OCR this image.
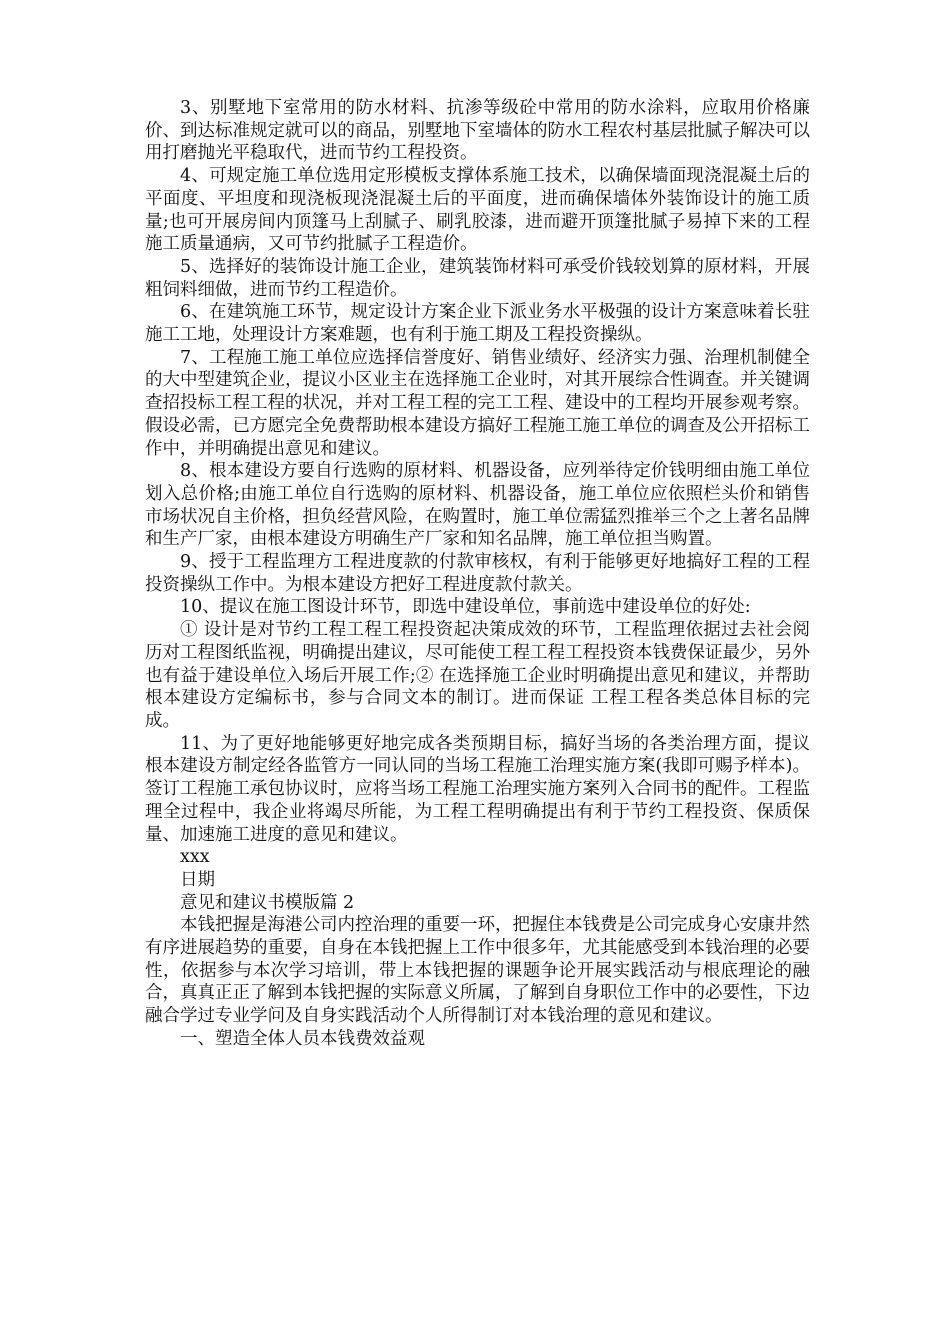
3、别墅地下室常用的防水材料、抗渗等级砼中常用的防水涂料，应取用价格廉价、到达标准规定就可以的商品，别墅地下室墙体的防水工程农村基层批腻子解决可以用打磨抛光平稳取代，进而节约工程投资。

4、可规定施工单位选用定形模板支撑体系施工技术，以确保墙面现浇混凝土后的平面度、平坦度和现浇板现浇混凝土后的平面度，进而确保墙体外装饰设计的施工质量;也可开展房间内顶篷马上刮腻子、刷乳胶漆，进而避开顶篷批腻子易掉下来的工程施工质量通病，又可节约批腻子工程造价。

5、选择好的装饰设计施工企业，建筑装饰材料可承受价钱较划算的原材料，开展粗饲料细做，进而节约工程造价。

6、在建筑施工环节，规定设计方案企业下派业务水平极强的设计方案意味着长驻施工工地，处理设计方案难题，也有利于施工期及工程投资操纵。

7、工程施工施工单位应选择信誉度好、销售业绩好、经济实力强、治理机制健全的大中型建筑企业，提议小区业主在选择施工企业时，对其开展综合性调查。并关键调查招投标工程工程的状况，并对工程工程的完工工程、建设中的工程均开展参观考察。假设必需，已方愿完全免费帮助根本建设方搞好工程施工施工单位的调查及公开招标工作中，并明确提出意见和建议。

8、根本建设方要自行选购的原材料、机器设备，应列举待定价钱明细由施工单位划入总价格;由施工单位自行选购的原材料、机器设备，施工单位应依照栏头价和销售市场状况自主价格，担负经营风险，在购置时，施工单位需猛烈推举三个之上著名品牌和生产厂家，由根本建设方明确生产厂家和知名品牌，施工单位担当购置。

9、授于工程监理方工程进度款的付款审核权，有利于能够更好地搞好工程的工程投资操纵工作中。为根本建设方把好工程进度款付款关。

10、提议在施工图设计环节，即选中建设单位，事前选中建设单位的好处:

① 设计是对节约工程工程工程投资起决策成效的环节，工程监理依据过去社会阅历对工程图纸监视，明确提出建议，尽可能使工程工程工程投资本钱费保证最少，另外也有益于建设单位入场后开展工作;② 在选择施工企业时明确提出意见和建议，并帮助根本建设方定编标书，参与合同文本的制订。进而保证 工程工程各类总体目标的完成。

11、为了更好地能够更好地完成各类预期目标，搞好当场的各类治理方面，提议根本建设方制定经各监管方一同认同的当场工程施工治理实施方案(我即可赐予样本)。签订工程施工承包协议时，应将当场工程施工治理实施方案列入合同书的配件。工程监理全过程中，我企业将竭尽所能，为工程工程明确提出有利于节约工程投资、保质保量、加速施工进度的意见和建议。

xxx

日期

意见和建议书模版篇 2

本钱把握是海港公司内控治理的重要一环，把握住本钱费是公司完成身心安康井然有序进展趋势的重要，自身在本钱把握上工作中很多年，尤其能感受到本钱治理的必要性，依据参与本次学习培训，带上本钱把握的课题争论开展实践活动与根底理论的融合，真真正正了解到本钱把握的实际意义所属，了解到自身职位工作中的必要性，下边融合学过专业学问及自身实践活动个人所得制订对本钱治理的意见和建议。

一、塑造全体人员本钱费效益观
